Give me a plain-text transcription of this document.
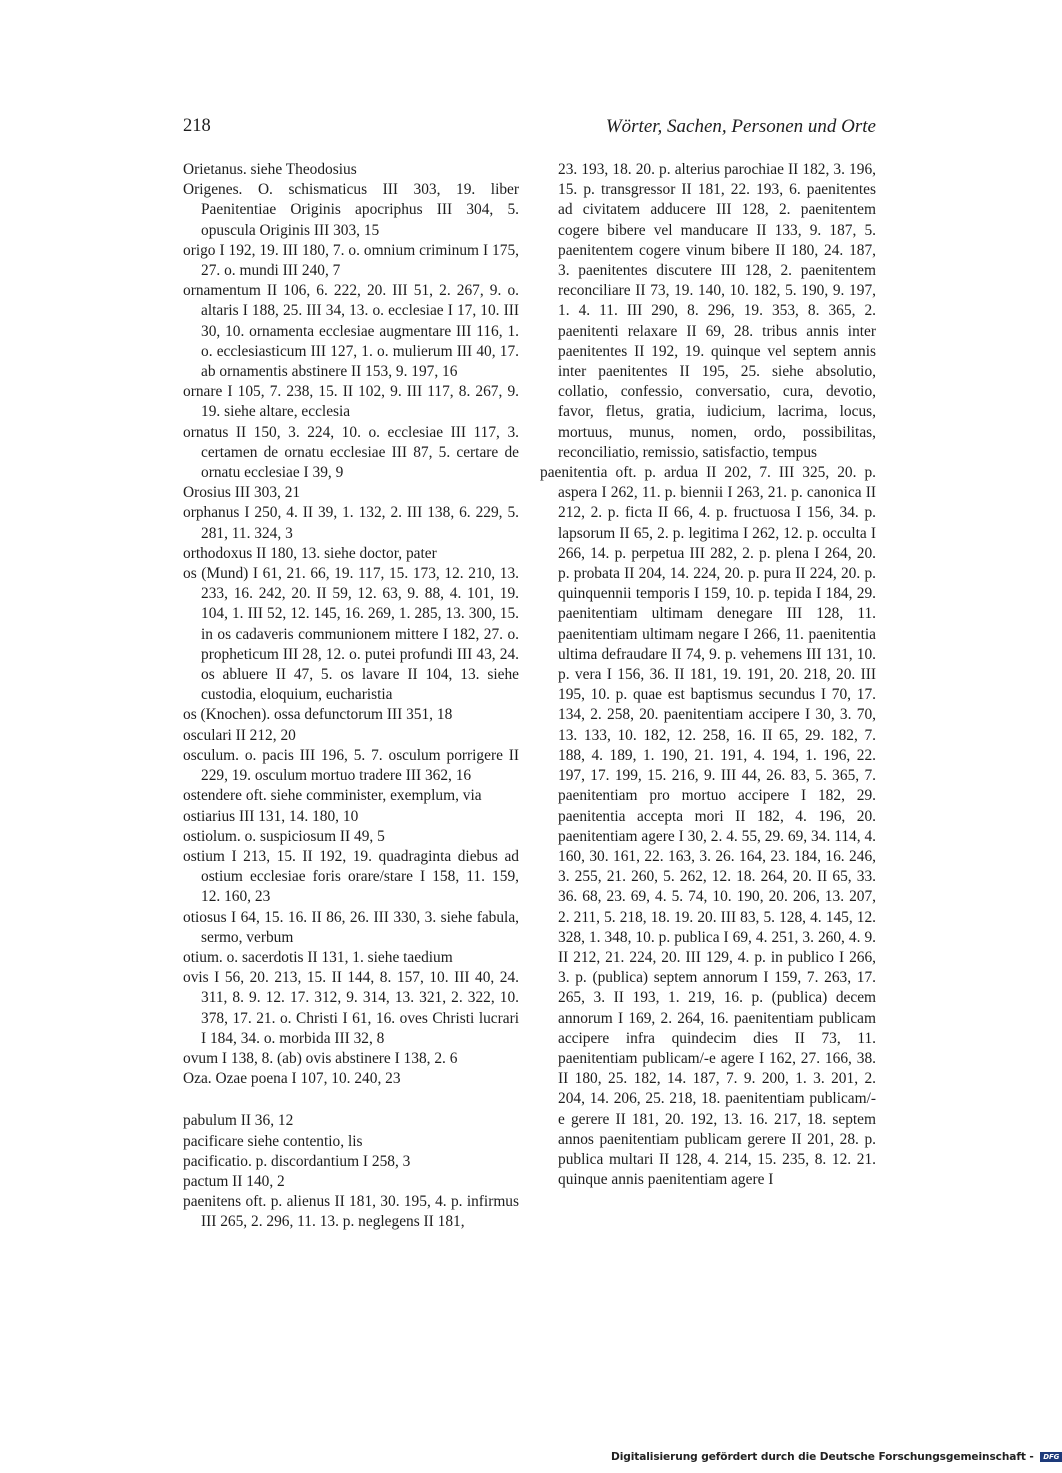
218	Wörter, Sachen, Personen und Orte
Orietanus. siehe Theodosius
Origenes. O. schismaticus III 303, 19. liber Paenitentiae Originis apocriphus III 304, 5. opuscula Originis III 303, 15
origo I 192, 19. III 180, 7. o. omnium criminum I 175, 27. o. mundi III 240, 7
ornamentum II 106, 6. 222, 20. III 51, 2. 267, 9. o. altaris I 188, 25. III 34, 13. o. ecclesiae I 17, 10. III 30, 10. ornamenta ecclesiae augmentare III 116, 1. o. ecclesiasticum III 127, 1. o. mulierum III 40, 17. ab ornamentis abstinere II 153, 9. 197, 16
ornare I 105, 7. 238, 15. II 102, 9. III 117, 8. 267, 9. 19. siehe altare, ecclesia
ornatus II 150, 3. 224, 10. o. ecclesiae III 117, 3. certamen de ornatu ecclesiae III 87, 5. certare de ornatu ecclesiae I 39, 9
Orosius III 303, 21
orphanus I 250, 4. II 39, 1. 132, 2. III 138, 6. 229, 5. 281, 11. 324, 3
orthodoxus II 180, 13. siehe doctor, pater
os (Mund) I 61, 21. 66, 19. 117, 15. 173, 12. 210, 13. 233, 16. 242, 20. II 59, 12. 63, 9. 88, 4. 101, 19. 104, 1. III 52, 12. 145, 16. 269, 1. 285, 13. 300, 15. in os cadaveris communionem mittere I 182, 27. o. propheticum III 28, 12. o. putei profundi III 43, 24. os abluere II 47, 5. os lavare II 104, 13. siehe custodia, eloquium, eucharistia
os (Knochen). ossa defunctorum III 351, 18
osculari II 212, 20
osculum. o. pacis III 196, 5. 7. osculum porrigere II 229, 19. osculum mortuo tradere III 362, 16
ostendere oft. siehe comminister, exemplum, via
ostiarius III 131, 14. 180, 10
ostiolum. o. suspiciosum II 49, 5
ostium I 213, 15. II 192, 19. quadraginta diebus ad ostium ecclesiae foris orare/stare I 158, 11. 159, 12. 160, 23
otiosus I 64, 15. 16. II 86, 26. III 330, 3. siehe fabula, sermo, verbum
otium. o. sacerdotis II 131, 1. siehe taedium
ovis I 56, 20. 213, 15. II 144, 8. 157, 10. III 40, 24. 311, 8. 9. 12. 17. 312, 9. 314, 13. 321, 2. 322, 10. 378, 17. 21. o. Christi I 61, 16. oves Christi lucrari I 184, 34. o. morbida III 32, 8
ovum I 138, 8. (ab) ovis abstinere I 138, 2. 6
Oza. Ozae poena I 107, 10. 240, 23
pabulum II 36, 12
pacificare siehe contentio, lis
pacificatio. p. discordantium I 258, 3
pactum II 140, 2
paenitens oft. p. alienus II 181, 30. 195, 4. p. infirmus III 265, 2. 296, 11. 13. p. neglegens II 181,
23. 193, 18. 20. p. alterius parochiae II 182, 3. 196, 15. p. transgressor II 181, 22. 193, 6. paenitentes ad civitatem adducere III 128, 2. paenitentem cogere bibere vel manducare II 133, 9. 187, 5. paenitentem cogere vinum bibere II 180, 24. 187, 3. paenitentes discutere III 128, 2. paenitentem reconciliare II 73, 19. 140, 10. 182, 5. 190, 9. 197, 1. 4. 11. III 290, 8. 296, 19. 353, 8. 365, 2. paenitenti relaxare II 69, 28. tribus annis inter paenitentes II 192, 19. quinque vel septem annis inter paenitentes II 195, 25. siehe absolutio, collatio, confessio, conversatio, cura, devotio, favor, fletus, gratia, iudicium, lacrima, locus, mortuus, munus, nomen, ordo, possibilitas, reconciliatio, remissio, satisfactio, tempus
paenitentia oft. p. ardua II 202, 7. III 325, 20. p. aspera I 262, 11. p. biennii I 263, 21. p. canonica II 212, 2. p. ficta II 66, 4. p. fructuosa I 156, 34. p. lapsorum II 65, 2. p. legitima I 262, 12. p. occulta I 266, 14. p. perpetua III 282, 2. p. plena I 264, 20. p. probata II 204, 14. 224, 20. p. pura II 224, 20. p. quinquennii temporis I 159, 10. p. tepida I 184, 29. paenitentiam ultimam denegare III 128, 11. paenitentiam ultimam negare I 266, 11. paenitentia ultima defraudare II 74, 9. p. vehemens III 131, 10. p. vera I 156, 36. II 181, 19. 191, 20. 218, 20. III 195, 10. p. quae est baptismus secundus I 70, 17. 134, 2. 258, 20. paenitentiam accipere I 30, 3. 70, 13. 133, 10. 182, 12. 258, 16. II 65, 29. 182, 7. 188, 4. 189, 1. 190, 21. 191, 4. 194, 1. 196, 22. 197, 17. 199, 15. 216, 9. III 44, 26. 83, 5. 365, 7. paenitentiam pro mortuo accipere I 182, 29. paenitentia accepta mori II 182, 4. 196, 20. paenitentiam agere I 30, 2. 4. 55, 29. 69, 34. 114, 4. 160, 30. 161, 22. 163, 3. 26. 164, 23. 184, 16. 246, 3. 255, 21. 260, 5. 262, 12. 18. 264, 20. II 65, 33. 36. 68, 23. 69, 4. 5. 74, 10. 190, 20. 206, 13. 207, 2. 211, 5. 218, 18. 19. 20. III 83, 5. 128, 4. 145, 12. 328, 1. 348, 10. p. publica I 69, 4. 251, 3. 260, 4. 9. II 212, 21. 224, 20. III 129, 4. p. in publico I 266, 3. p. (publica) septem annorum I 159, 7. 263, 17. 265, 3. II 193, 1. 219, 16. p. (publica) decem annorum I 169, 2. 264, 16. paenitentiam publicam accipere infra quindecim dies II 73, 11. paenitentiam publicam/-e agere I 162, 27. 166, 38. II 180, 25. 182, 14. 187, 7. 9. 200, 1. 3. 201, 2. 204, 14. 206, 25. 218, 18. paenitentiam publicam/-e gerere II 181, 20. 192, 13. 16. 217, 18. septem annos paenitentiam publicam gerere II 201, 28. p. publica multari II 128, 4. 214, 15. 235, 8. 12. 21. quinque annis paenitentiam agere I
Digitalisierung gefördert durch die Deutsche Forschungsgemeinschaft - DFG
